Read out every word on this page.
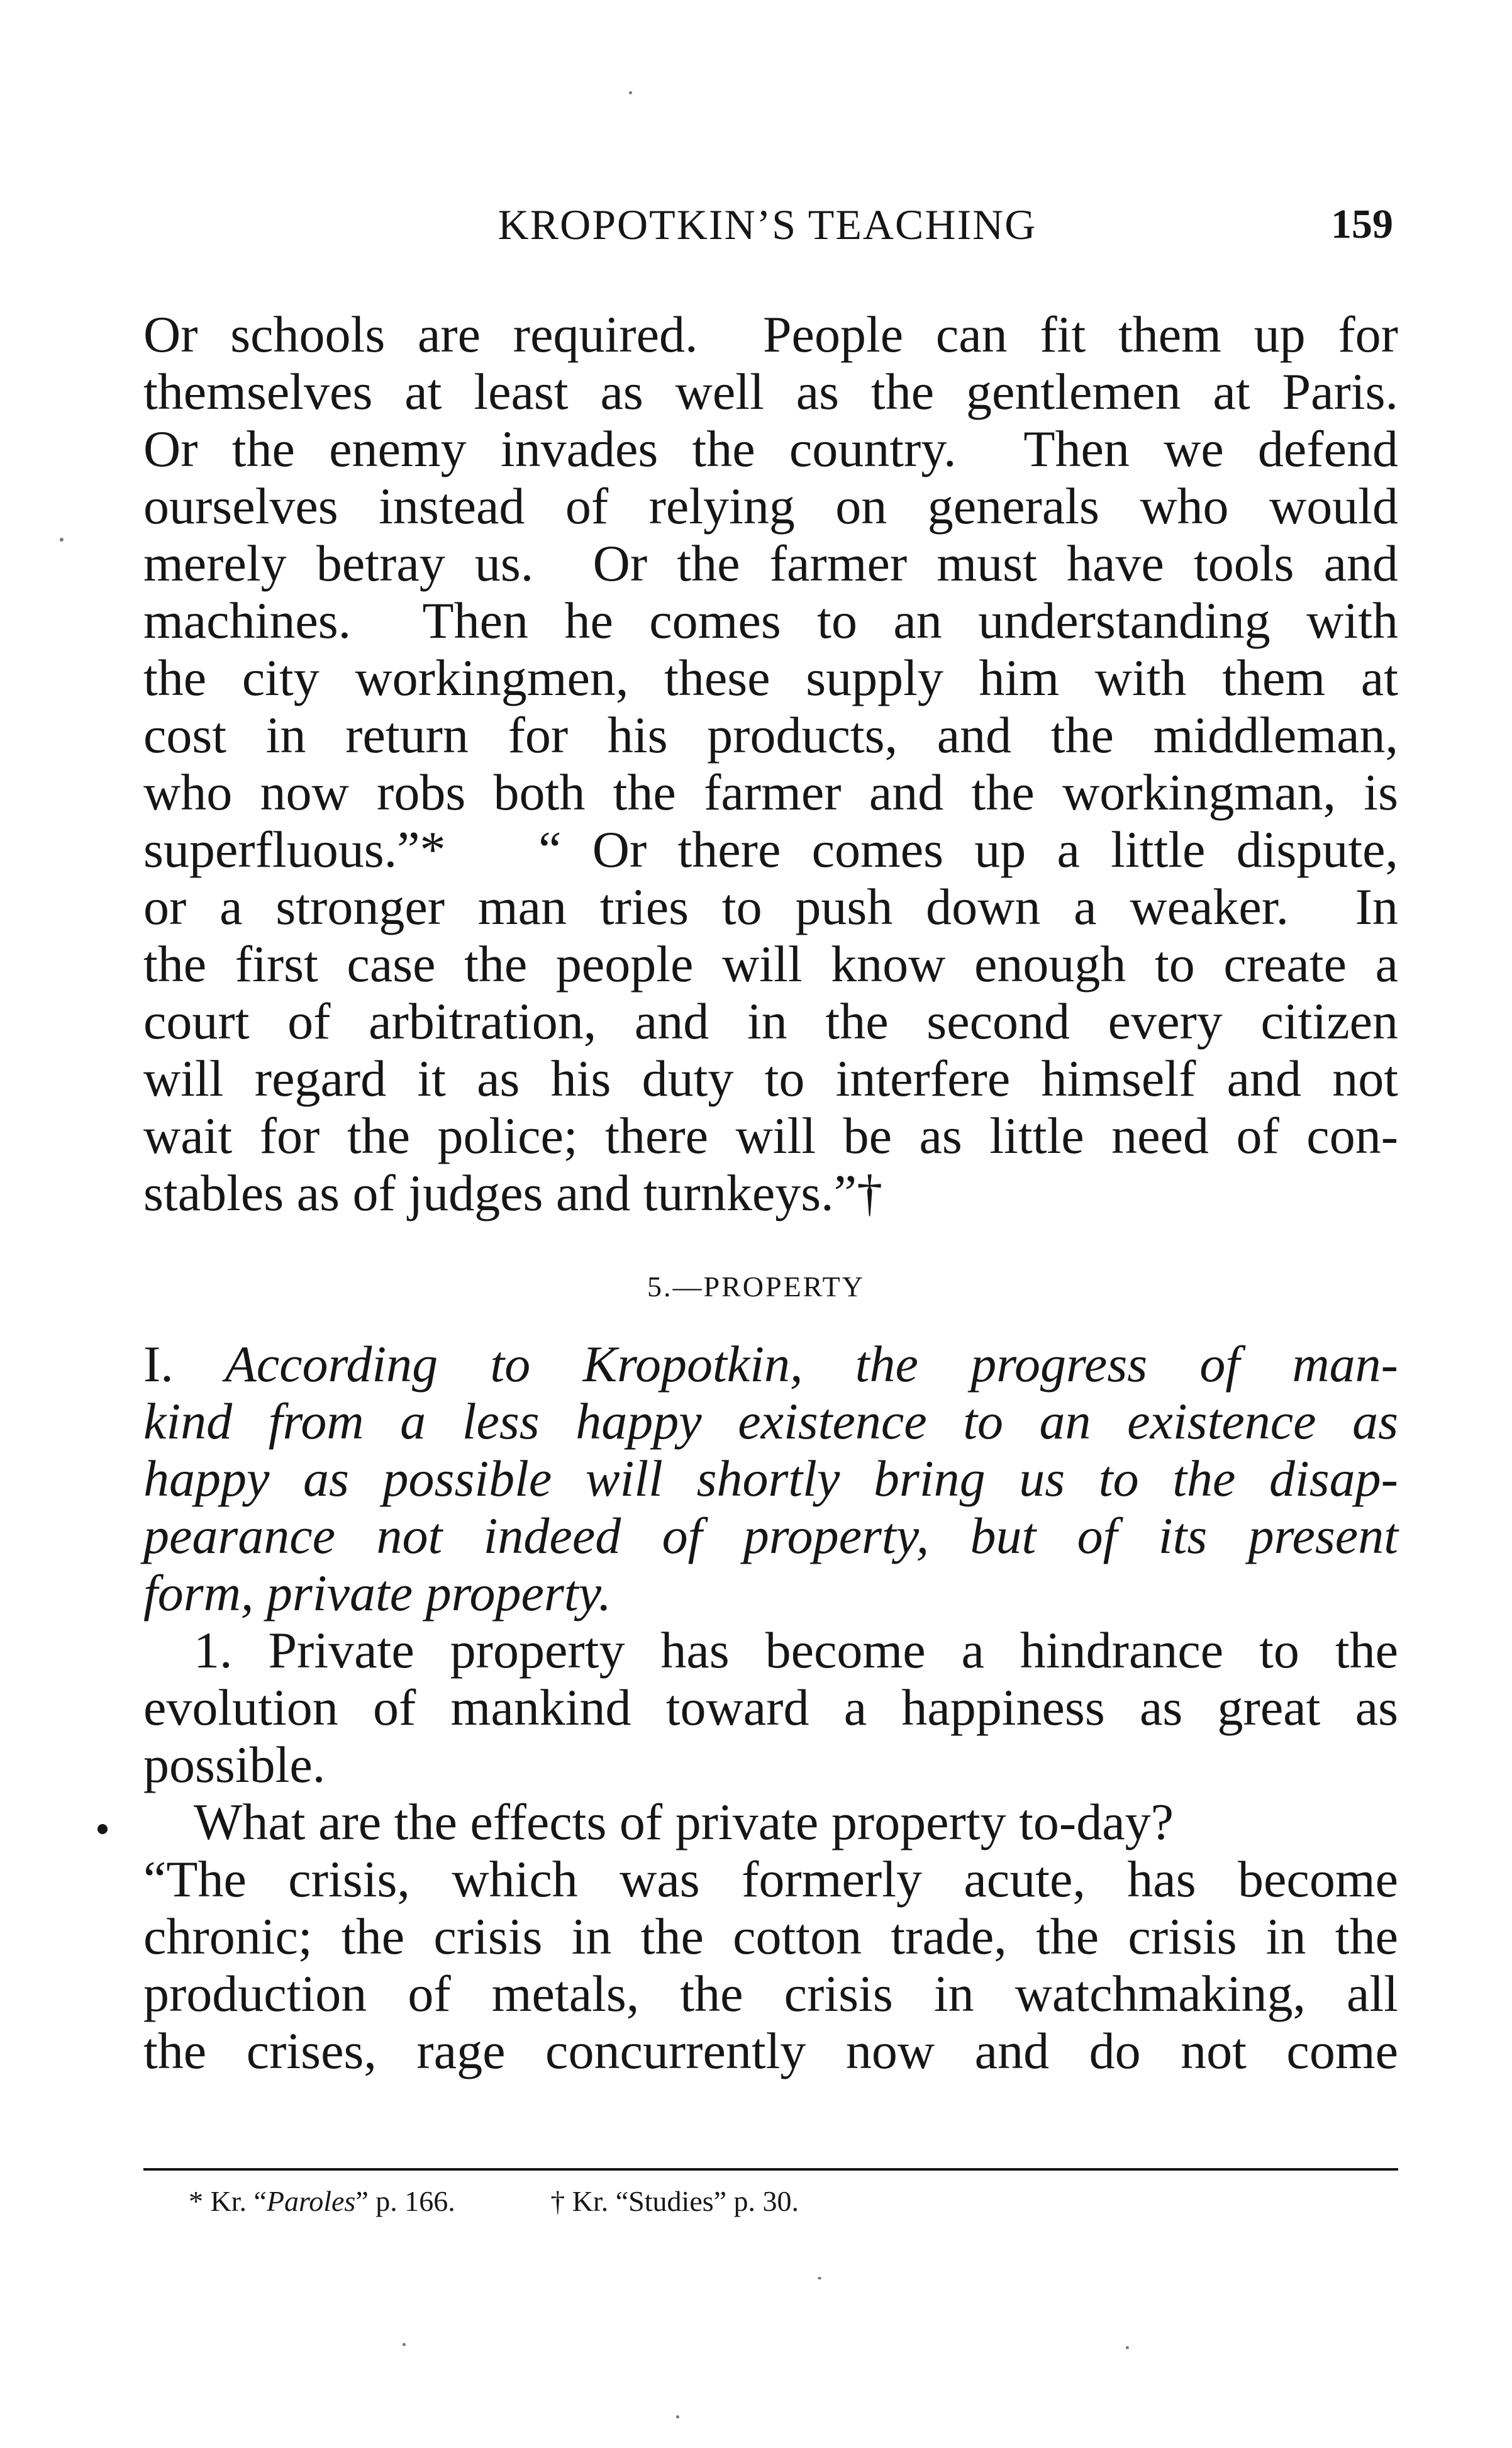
KROPOTKIN’S TEACHING	159
Or schools are required.  People can fit them up for
themselves at least as well as the gentlemen at Paris.
Or the enemy invades the country.  Then we defend
ourselves instead of relying on generals who would
merely betray us.  Or the farmer must have tools and
machines.  Then he comes to an understanding with
the city workingmen, these supply him with them at
cost in return for his products, and the middleman,
who now robs both the farmer and the workingman, is
superfluous.”*   “ Or there comes up a little dispute,
or a stronger man tries to push down a weaker.  In
the first case the people will know enough to create a
court of arbitration, and in the second every citizen
will regard it as his duty to interfere himself and not
wait for the police; there will be as little need of con-
stables as of judges and turnkeys.”†
5.—PROPERTY
I. According to Kropotkin, the progress of man-
kind from a less happy existence to an existence as
happy as possible will shortly bring us to the disap-
pearance not indeed of property, but of its present
form, private property.
1. Private property has become a hindrance to the
evolution of mankind toward a happiness as great as
possible.
What are the effects of private property to-day?
“The crisis, which was formerly acute, has become
chronic; the crisis in the cotton trade, the crisis in the
production of metals, the crisis in watchmaking, all
the crises, rage concurrently now and do not come
* Kr. “Paroles” p. 166.	† Kr. “Studies” p. 30.
